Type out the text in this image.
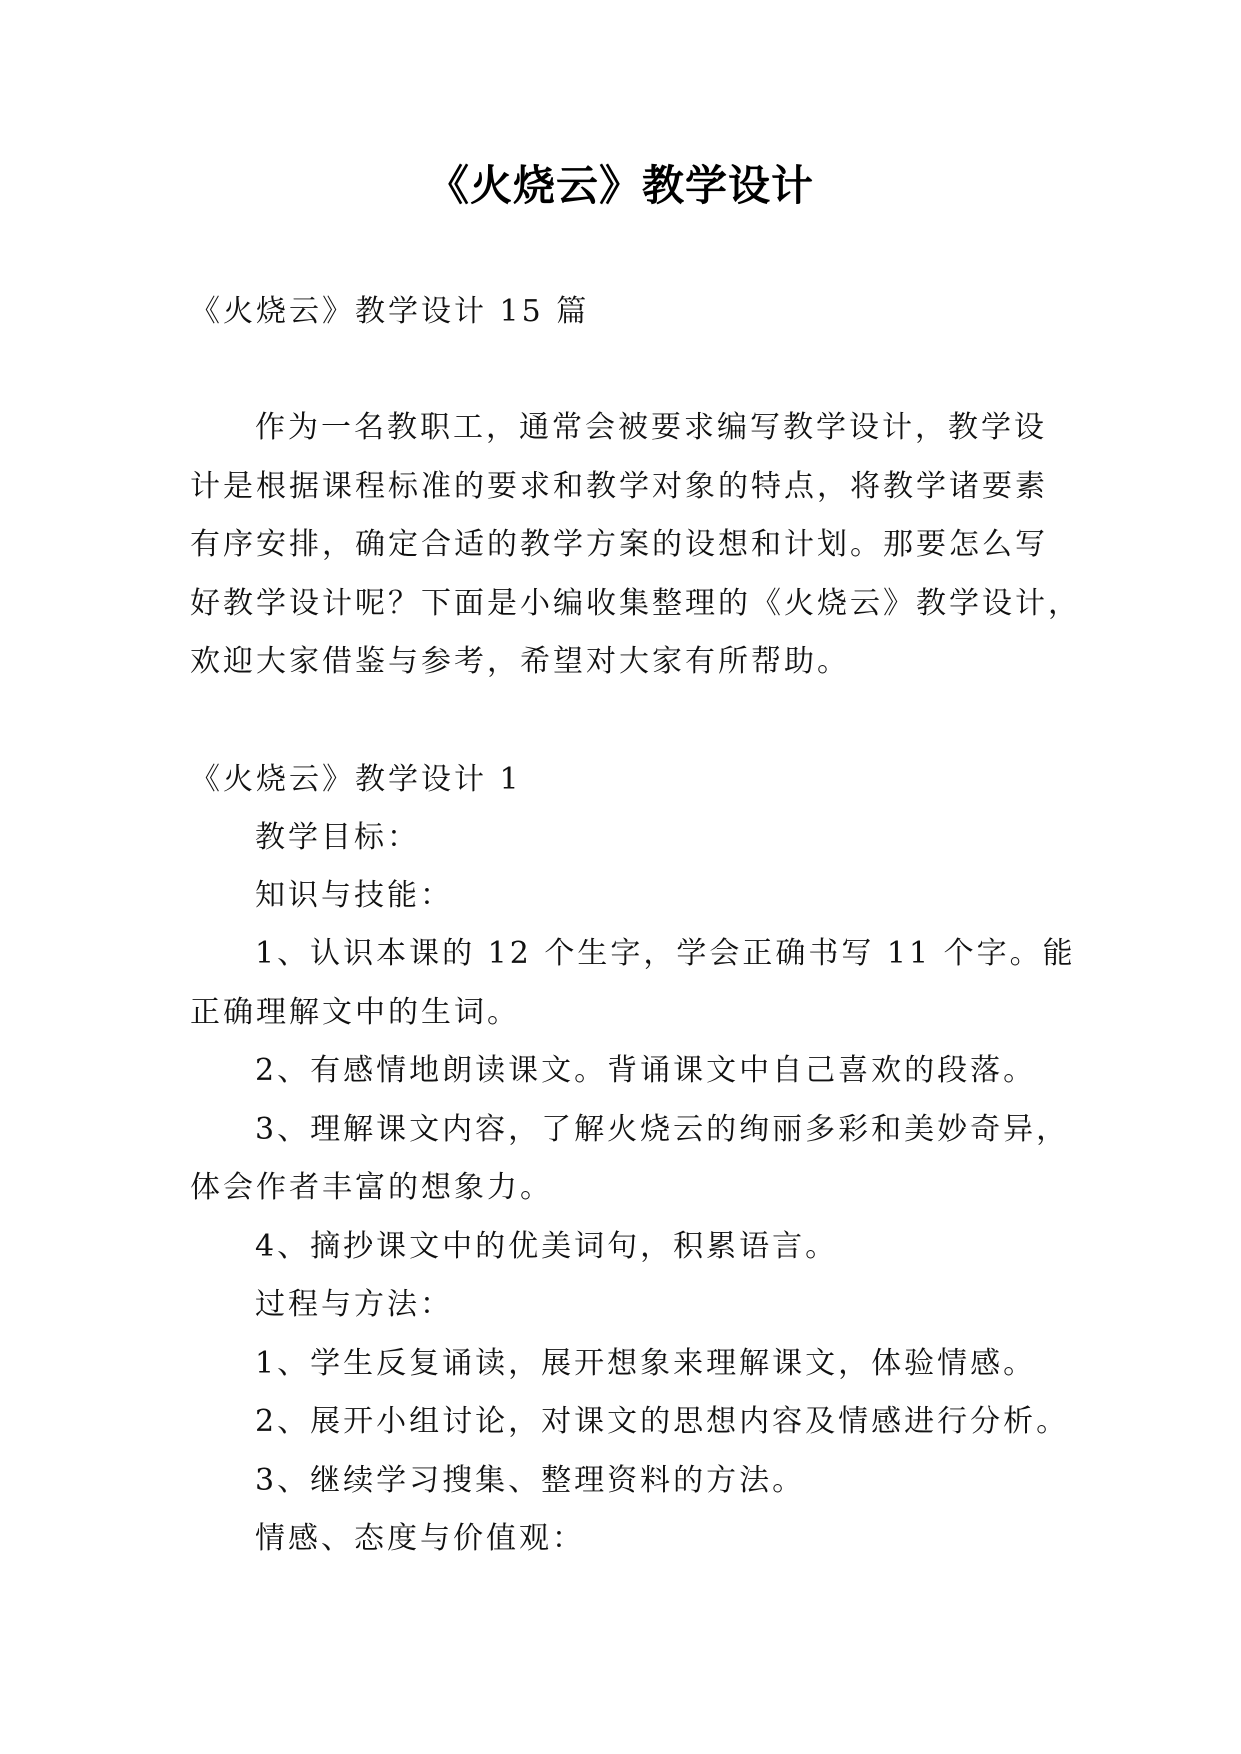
《火烧云》教学设计
《火烧云》教学设计 15 篇
作为一名教职工，通常会被要求编写教学设计，教学设
计是根据课程标准的要求和教学对象的特点，将教学诸要素
有序安排，确定合适的教学方案的设想和计划。那要怎么写
好教学设计呢？下面是小编收集整理的《火烧云》教学设计，
欢迎大家借鉴与参考，希望对大家有所帮助。
《火烧云》教学设计 1
教学目标：
知识与技能：
1、认识本课的 12 个生字，学会正确书写 11 个字。能
正确理解文中的生词。
2、有感情地朗读课文。背诵课文中自己喜欢的段落。
3、理解课文内容，了解火烧云的绚丽多彩和美妙奇异，
体会作者丰富的想象力。
4、摘抄课文中的优美词句，积累语言。
过程与方法：
1、学生反复诵读，展开想象来理解课文，体验情感。
2、展开小组讨论，对课文的思想内容及情感进行分析。
3、继续学习搜集、整理资料的方法。
情感、态度与价值观：
